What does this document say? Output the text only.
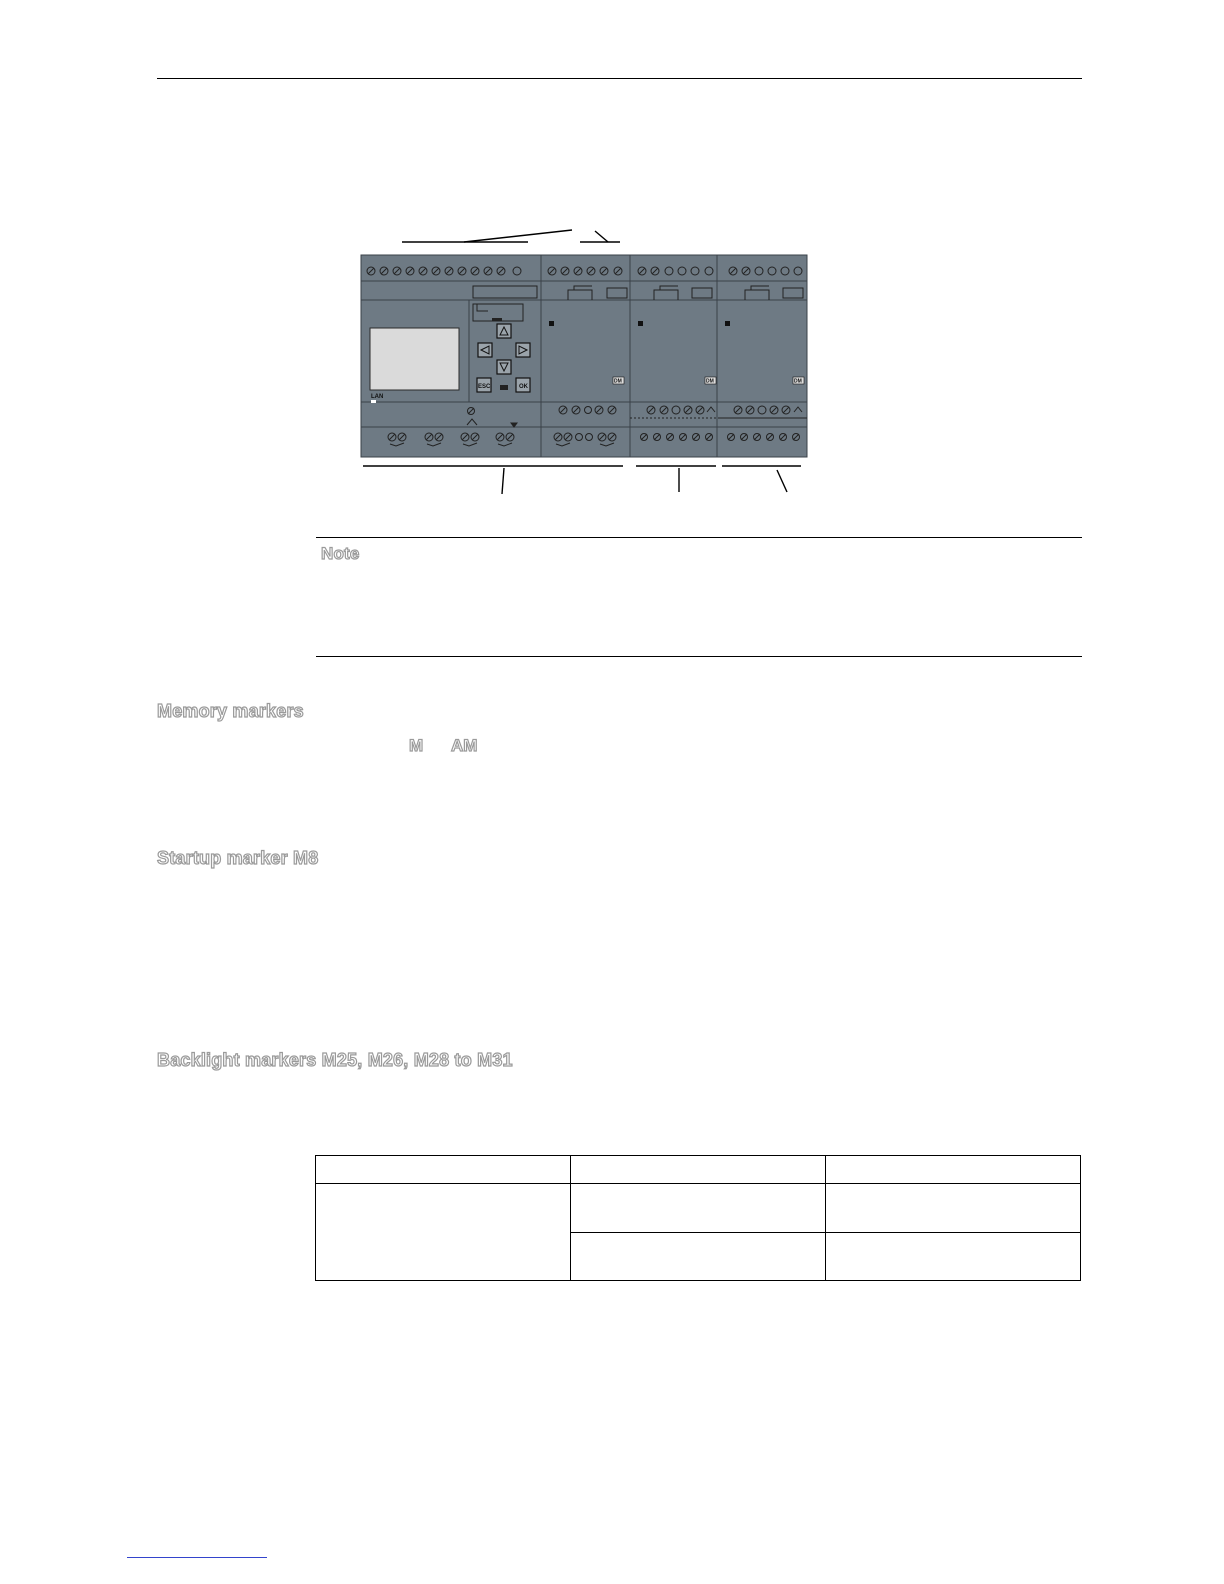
LAN
ESC	OK
DM	DM	DM
Note
Memory markers
M AM
Startup marker M8
Backlight markers M25, M26, M28 to M31
